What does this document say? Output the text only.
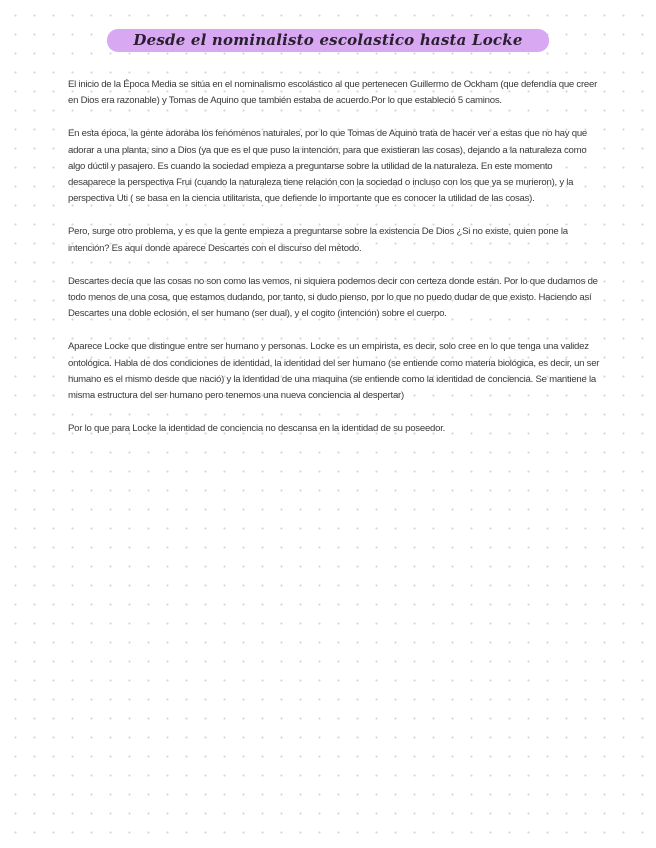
Desde el nominalisto escolastico hasta Locke

El inicio de la Época Media se sitúa en el nominalismo escolástico al que pertenecen Guillermo de Ockham (que defendía que creer en Dios era razonable) y Tomas de Aquino que también estaba de acuerdo.Por lo que estableció 5 caminos.

En esta época, la gente adoraba los fenómenos naturales, por lo que Tomas de Aquino trata de hacer ver a estas que no hay que adorar a una planta, sino a Dios (ya que es el que puso la intención, para que existieran las cosas), dejando a la naturaleza como algo dúctil y pasajero. Es cuando la sociedad empieza a preguntarse sobre la utilidad de la naturaleza. En este momento desaparece la perspectiva Frui (cuando la naturaleza tiene relación con la sociedad o incluso con los que ya se murieron), y la perspectiva Uti ( se basa en la ciencia utilitarista, que defiende lo importante que es conocer la utilidad de las cosas).

Pero, surge otro problema, y es que la gente empieza a preguntarse sobre la existencia De Dios ¿Si no existe, quien pone la intención? Es aquí donde aparece Descartes con el discurso del método.

Descartes decía que las cosas no son como las vemos, ni siquiera podemos decir con certeza donde están. Por lo que dudamos de todo menos de una cosa, que estamos dudando, por tanto, si dudo pienso, por lo que no puedo dudar de que existo. Haciendo así Descartes una doble eclosión, el ser humano (ser dual), y el cogito (intención) sobre el cuerpo.

Aparece Locke que distingue entre ser humano y personas. Locke es un empirista, es decir, solo cree en lo que tenga una validez ontológica. Habla de dos condiciones de identidad, la identidad del ser humano (se entiende como materia biológica, es decir, un ser humano es el mismo desde que nació) y la identidad de una maquina (se entiende como la identidad de conciencia. Se mantiene la misma estructura del ser humano pero tenemos una nueva conciencia al despertar)

Por lo que para Locke la identidad de conciencia no descansa en la identidad de su poseedor.
